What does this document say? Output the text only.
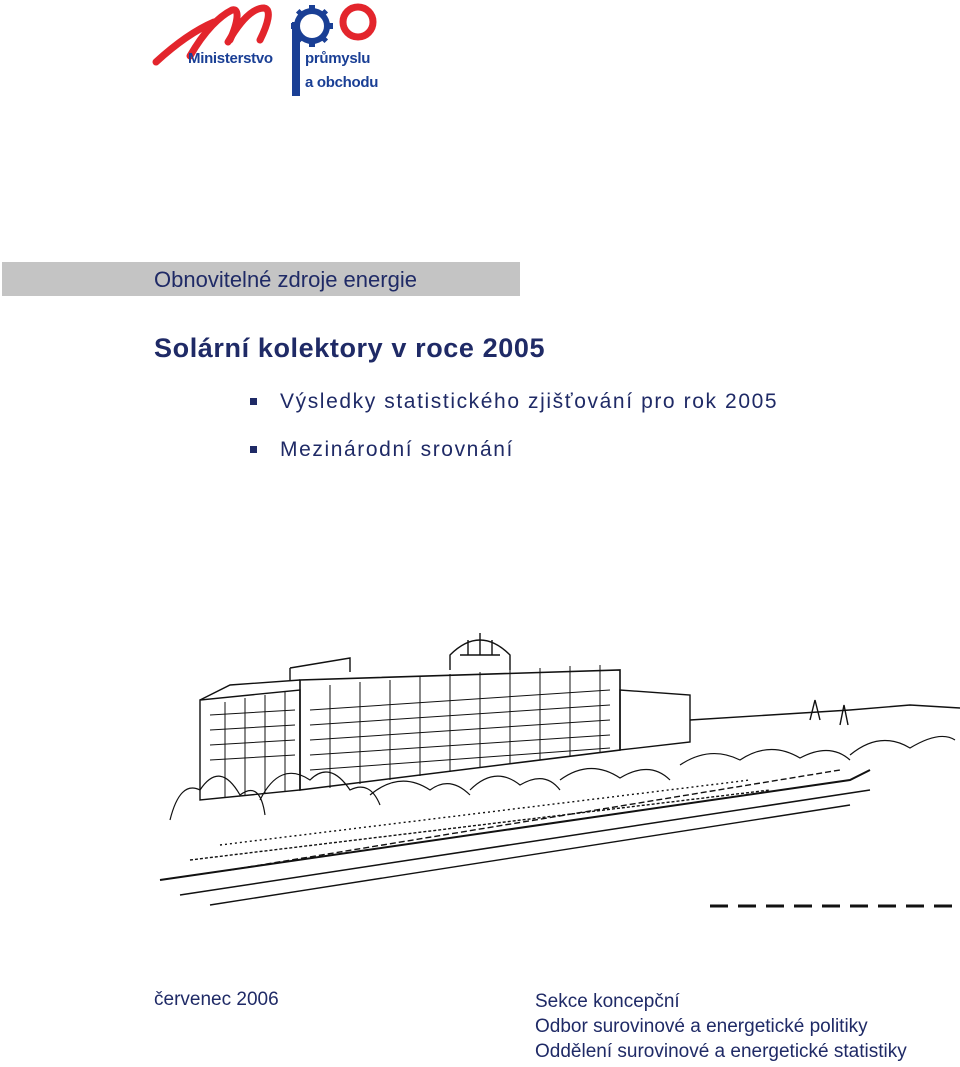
Ministerstvo průmyslu
a obchodu
Obnovitelné zdroje energie
Solární kolektory v roce 2005
Výsledky statistického zjišťování pro rok 2005
Mezinárodní srovnání
červenec 2006	Sekce koncepční
Odbor surovinové a energetické politiky
Oddělení surovinové a energetické statistiky
